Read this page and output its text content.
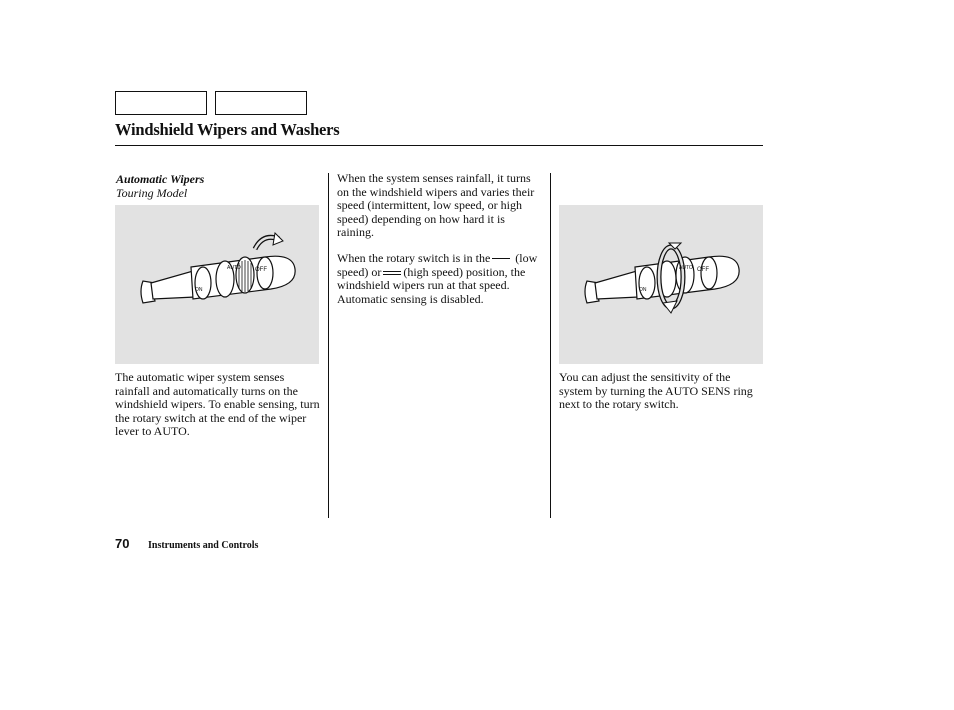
Windshield Wipers and Washers
Automatic Wipers
Touring Model
OFF
AUTO
ON
OFF
AUTO
ON

The automatic wiper system senses rainfall and automatically turns on the windshield wipers. To enable sensing, turn the rotary switch at the end of the wiper lever to AUTO.

When the system senses rainfall, it turns on the windshield wipers and varies their speed (intermittent, low speed, or high speed) depending on how hard it is raining.

When the rotary switch is in the (low speed) or (high speed) position, the windshield wipers run at that speed. Automatic sensing is disabled.

You can adjust the sensitivity of the system by turning the AUTO SENS ring next to the rotary switch.

70 Instruments and Controls
